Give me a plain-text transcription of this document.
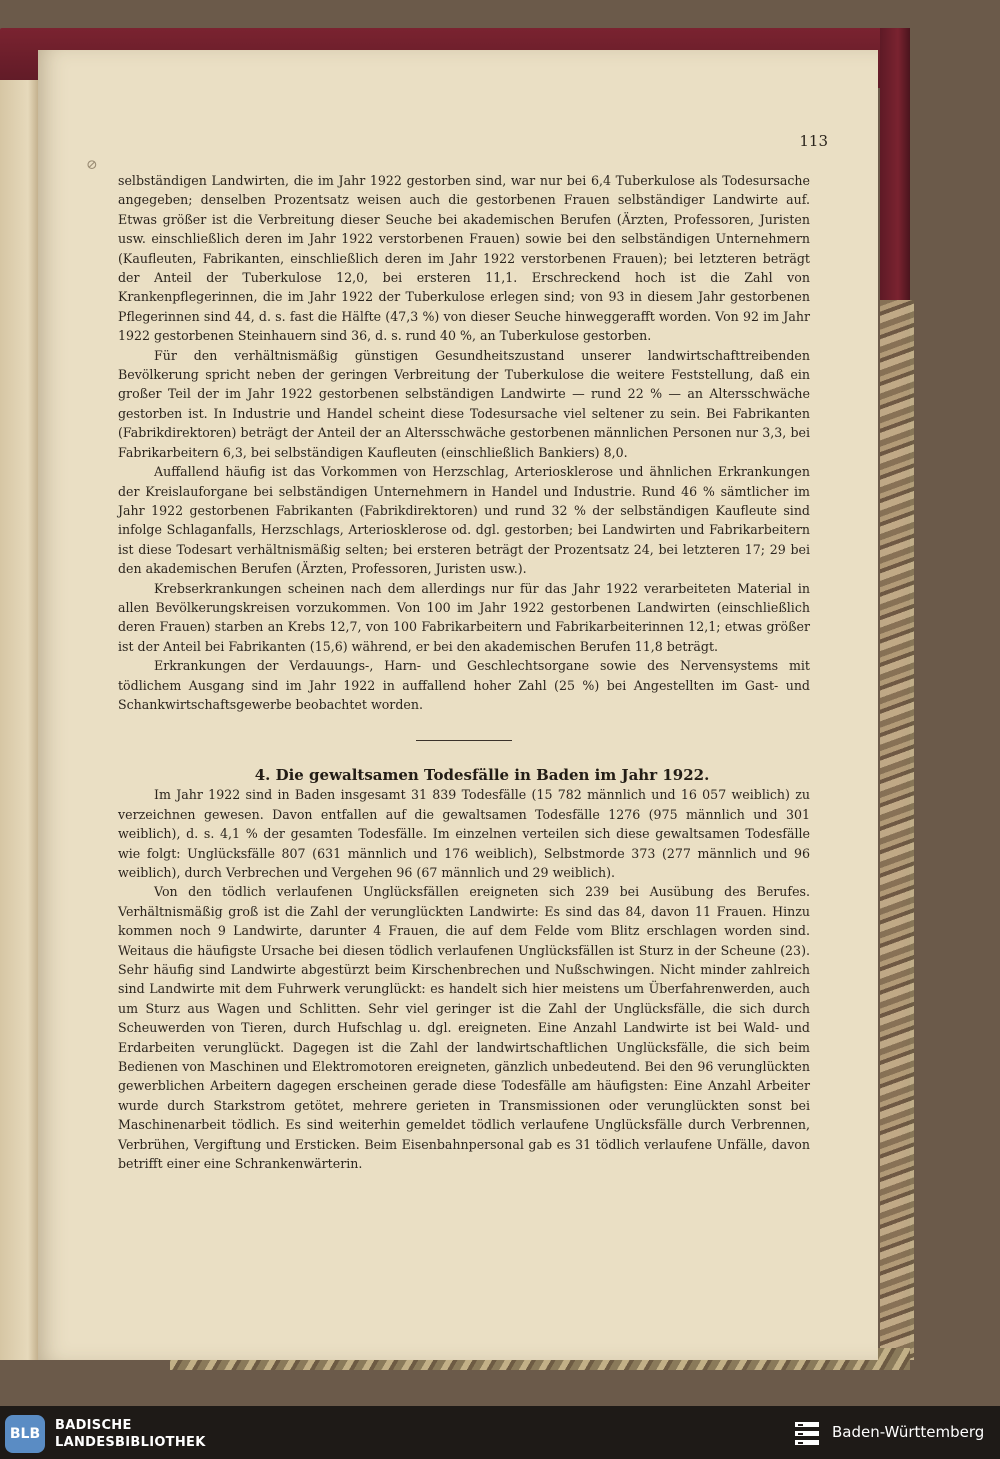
113
⊘

selbständigen Landwirten, die im Jahr 1922 gestorben sind, war nur bei 6,4 Tuberkulose als Todesursache angegeben; denselben Prozentsatz weisen auch die gestorbenen Frauen selbständiger Landwirte auf. Etwas größer ist die Verbreitung dieser Seuche bei akademischen Berufen (Ärzten, Professoren, Juristen usw. einschließlich deren im Jahr 1922 verstorbenen Frauen) sowie bei den selbständigen Unternehmern (Kaufleuten, Fabrikanten, einschließlich deren im Jahr 1922 verstorbenen Frauen); bei letzteren beträgt der Anteil der Tuberkulose 12,0, bei ersteren 11,1. Erschreckend hoch ist die Zahl von Krankenpflegerinnen, die im Jahr 1922 der Tuberkulose erlegen sind; von 93 in diesem Jahr gestorbenen Pflegerinnen sind 44, d. s. fast die Hälfte (47,3 %) von dieser Seuche hinweggerafft worden. Von 92 im Jahr 1922 gestorbenen Steinhauern sind 36, d. s. rund 40 %, an Tuberkulose gestorben.

Für den verhältnismäßig günstigen Gesundheitszustand unserer landwirtschafttreibenden Bevölkerung spricht neben der geringen Verbreitung der Tuberkulose die weitere Feststellung, daß ein großer Teil der im Jahr 1922 gestorbenen selbständigen Landwirte — rund 22 % — an Altersschwäche gestorben ist. In Industrie und Handel scheint diese Todesursache viel seltener zu sein. Bei Fabrikanten (Fabrikdirektoren) beträgt der Anteil der an Altersschwäche gestorbenen männlichen Personen nur 3,3, bei Fabrikarbeitern 6,3, bei selbständigen Kaufleuten (einschließlich Bankiers) 8,0.

Auffallend häufig ist das Vorkommen von Herzschlag, Arteriosklerose und ähnlichen Erkrankungen der Kreislauforgane bei selbständigen Unternehmern in Handel und Industrie. Rund 46 % sämtlicher im Jahr 1922 gestorbenen Fabrikanten (Fabrikdirektoren) und rund 32 % der selbständigen Kaufleute sind infolge Schlaganfalls, Herzschlags, Arteriosklerose od. dgl. gestorben; bei Landwirten und Fabrikarbeitern ist diese Todesart verhältnismäßig selten; bei ersteren beträgt der Prozentsatz 24, bei letzteren 17; 29 bei den akademischen Berufen (Ärzten, Professoren, Juristen usw.).

Krebserkrankungen scheinen nach dem allerdings nur für das Jahr 1922 verarbeiteten Material in allen Bevölkerungskreisen vorzukommen. Von 100 im Jahr 1922 gestorbenen Landwirten (einschließlich deren Frauen) starben an Krebs 12,7, von 100 Fabrikarbeitern und Fabrikarbeiterinnen 12,1; etwas größer ist der Anteil bei Fabrikanten (15,6) während, er bei den akademischen Berufen 11,8 beträgt.

Erkrankungen der Verdauungs-, Harn- und Geschlechtsorgane sowie des Nervensystems mit tödlichem Ausgang sind im Jahr 1922 in auffallend hoher Zahl (25 %) bei Angestellten im Gast- und Schankwirtschaftsgewerbe beobachtet worden.

4. Die gewaltsamen Todesfälle in Baden im Jahr 1922.

Im Jahr 1922 sind in Baden insgesamt 31 839 Todesfälle (15 782 männlich und 16 057 weiblich) zu verzeichnen gewesen. Davon entfallen auf die gewaltsamen Todesfälle 1276 (975 männlich und 301 weiblich), d. s. 4,1 % der gesamten Todesfälle. Im einzelnen verteilen sich diese gewaltsamen Todesfälle wie folgt: Unglücksfälle 807 (631 männlich und 176 weiblich), Selbstmorde 373 (277 männlich und 96 weiblich), durch Verbrechen und Vergehen 96 (67 männlich und 29 weiblich).

Von den tödlich verlaufenen Unglücksfällen ereigneten sich 239 bei Ausübung des Berufes. Verhältnismäßig groß ist die Zahl der verunglückten Landwirte: Es sind das 84, davon 11 Frauen. Hinzu kommen noch 9 Landwirte, darunter 4 Frauen, die auf dem Felde vom Blitz erschlagen worden sind. Weitaus die häufigste Ursache bei diesen tödlich verlaufenen Unglücksfällen ist Sturz in der Scheune (23). Sehr häufig sind Landwirte abgestürzt beim Kirschenbrechen und Nußschwingen. Nicht minder zahlreich sind Landwirte mit dem Fuhrwerk verunglückt: es handelt sich hier meistens um Überfahrenwerden, auch um Sturz aus Wagen und Schlitten. Sehr viel geringer ist die Zahl der Unglücksfälle, die sich durch Scheuwerden von Tieren, durch Hufschlag u. dgl. ereigneten. Eine Anzahl Landwirte ist bei Wald- und Erdarbeiten verunglückt. Dagegen ist die Zahl der landwirtschaftlichen Unglücksfälle, die sich beim Bedienen von Maschinen und Elektromotoren ereigneten, gänzlich unbedeutend. Bei den 96 verunglückten gewerblichen Arbeitern dagegen erscheinen gerade diese Todesfälle am häufigsten: Eine Anzahl Arbeiter wurde durch Starkstrom getötet, mehrere gerieten in Transmissionen oder verunglückten sonst bei Maschinenarbeit tödlich. Es sind weiterhin gemeldet tödlich verlaufene Unglücksfälle durch Verbrennen, Verbrühen, Vergiftung und Ersticken. Beim Eisenbahnpersonal gab es 31 tödlich verlaufene Unfälle, davon betrifft einer eine Schrankenwärterin.

BLB
BADISCHE
LANDESBIBLIOTHEK
Baden-Württemberg
